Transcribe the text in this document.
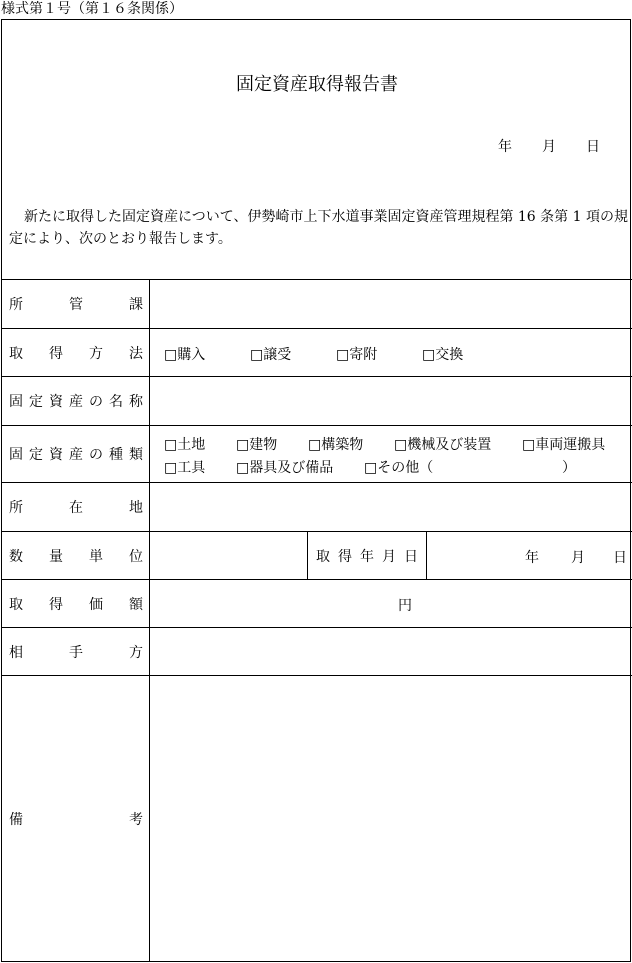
様式第１号（第１６条関係）
固定資産取得報告書
年 月 日
新たに取得した固定資産について、伊勢崎市上下水道事業固定資産管理規程第 16 条第 1 項の規定により、次のとおり報告します。
所	管	課
取 得 方 法 □購入	□譲受	□寄附	□交換
固 定 資 産 の 名 称
固 定 資 産 の 種 類
□土地 □建物 □構築物 □機械及び装置 □車両運搬具
□工具 □器具及び備品 □その他（	）
所	在	地
数 量 単 位	取 得 年 月 日	年 月 日
取 得 価 額	円
相	手	方
備	考
